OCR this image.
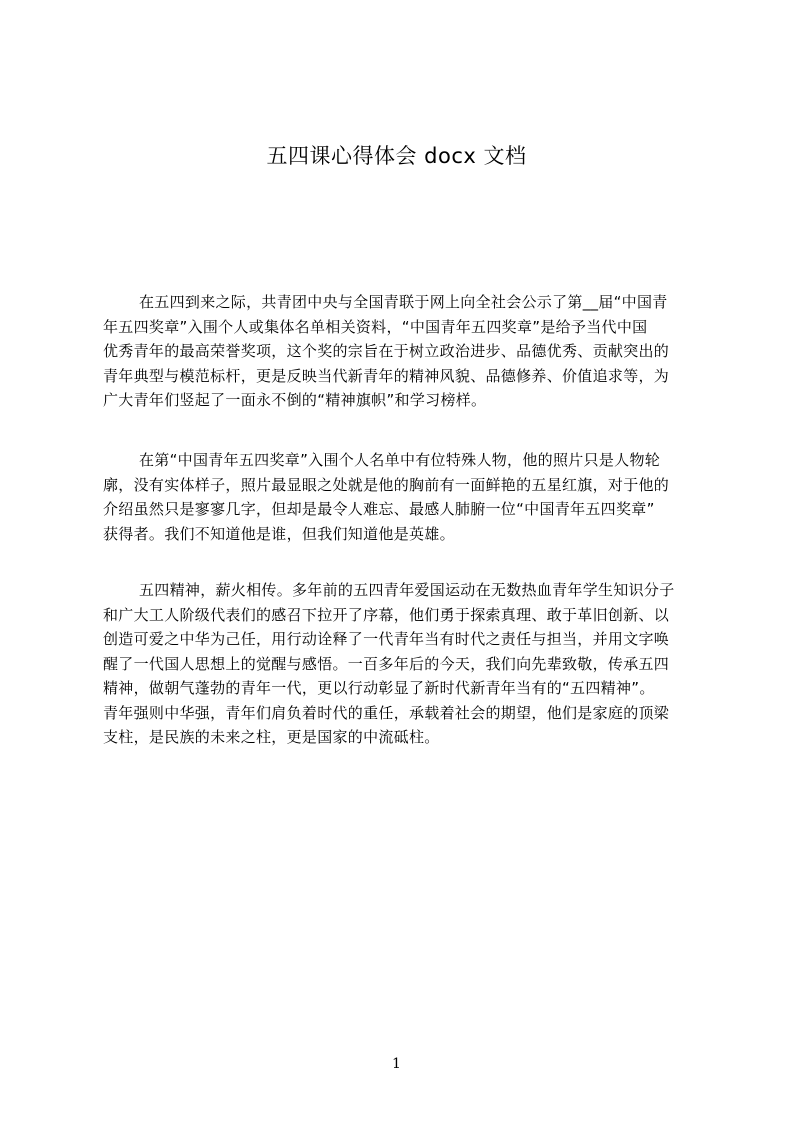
五四课心得体会 docx 文档
在五四到来之际，共青团中央与全国青联于网上向全社会公示了第__届“中国青
年五四奖章”入围个人或集体名单相关资料，“中国青年五四奖章”是给予当代中国
优秀青年的最高荣誉奖项，这个奖的宗旨在于树立政治进步、品德优秀、贡献突出的
青年典型与模范标杆，更是反映当代新青年的精神风貌、品德修养、价值追求等，为
广大青年们竖起了一面永不倒的“精神旗帜”和学习榜样。
在第“中国青年五四奖章”入围个人名单中有位特殊人物，他的照片只是人物轮
廓，没有实体样子，照片最显眼之处就是他的胸前有一面鲜艳的五星红旗，对于他的
介绍虽然只是寥寥几字，但却是最令人难忘、最感人肺腑一位“中国青年五四奖章”
获得者。我们不知道他是谁，但我们知道他是英雄。
五四精神，薪火相传。多年前的五四青年爱国运动在无数热血青年学生知识分子
和广大工人阶级代表们的感召下拉开了序幕，他们勇于探索真理、敢于革旧创新、以
创造可爱之中华为己任，用行动诠释了一代青年当有时代之责任与担当，并用文字唤
醒了一代国人思想上的觉醒与感悟。一百多年后的今天，我们向先辈致敬，传承五四
精神，做朝气蓬勃的青年一代，更以行动彰显了新时代新青年当有的“五四精神”。
青年强则中华强，青年们肩负着时代的重任，承载着社会的期望，他们是家庭的顶梁
支柱，是民族的未来之柱，更是国家的中流砥柱。
1
